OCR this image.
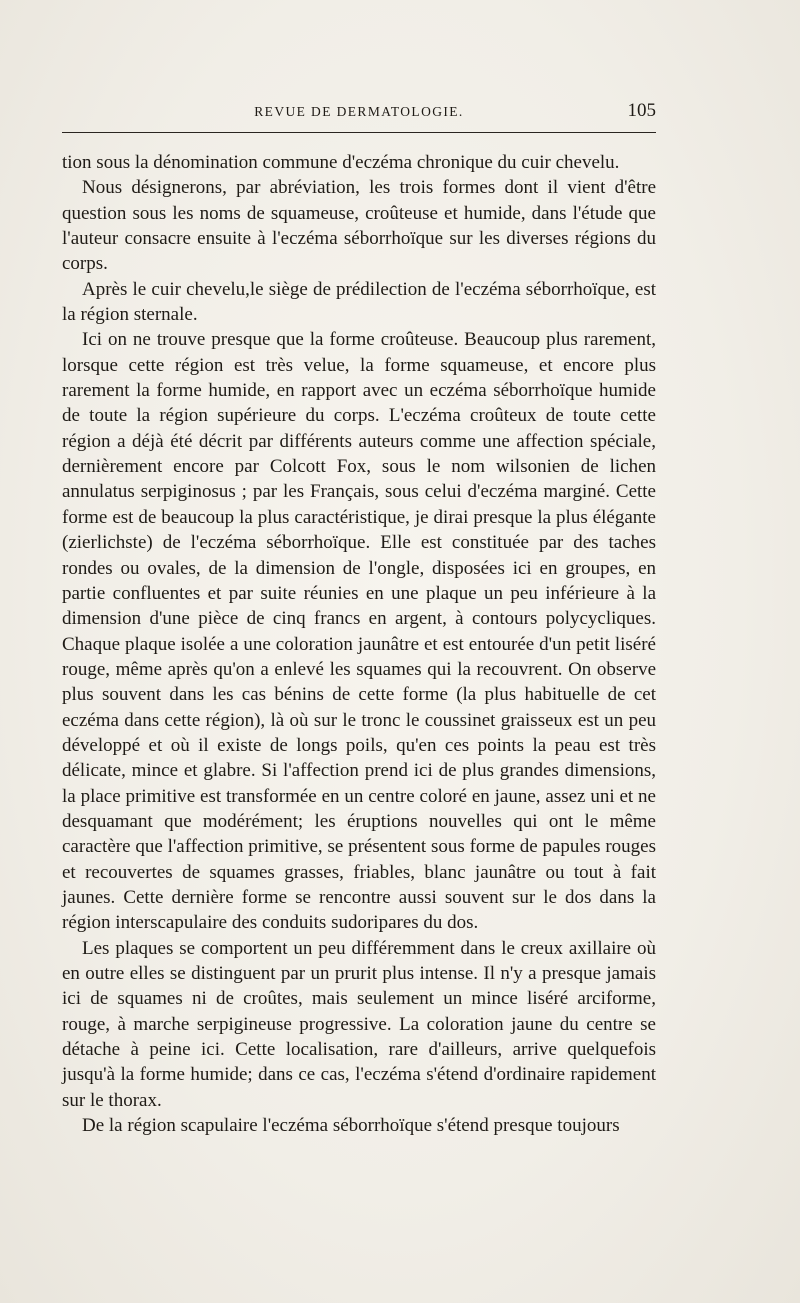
REVUE DE DERMATOLOGIE.	105

tion sous la dénomination commune d'eczéma chronique du cuir chevelu.

Nous désignerons, par abréviation, les trois formes dont il vient d'être question sous les noms de squameuse, croûteuse et humide, dans l'étude que l'auteur consacre ensuite à l'eczéma séborrhoïque sur les diverses régions du corps.

Après le cuir chevelu,le siège de prédilection de l'eczéma séborrhoïque, est la région sternale.

Ici on ne trouve presque que la forme croûteuse. Beaucoup plus rarement, lorsque cette région est très velue, la forme squameuse, et encore plus rarement la forme humide, en rapport avec un eczéma séborrhoïque humide de toute la région supérieure du corps. L'eczéma croûteux de toute cette région a déjà été décrit par différents auteurs comme une affection spéciale, dernièrement encore par Colcott Fox, sous le nom wilsonien de lichen annulatus serpiginosus ; par les Français, sous celui d'eczéma marginé. Cette forme est de beaucoup la plus caractéristique, je dirai presque la plus élégante (zierlichste) de l'eczéma séborrhoïque. Elle est constituée par des taches rondes ou ovales, de la dimension de l'ongle, disposées ici en groupes, en partie confluentes et par suite réunies en une plaque un peu inférieure à la dimension d'une pièce de cinq francs en argent, à contours polycycliques. Chaque plaque isolée a une coloration jaunâtre et est entourée d'un petit liséré rouge, même après qu'on a enlevé les squames qui la recouvrent. On observe plus souvent dans les cas bénins de cette forme (la plus habituelle de cet eczéma dans cette région), là où sur le tronc le coussinet graisseux est un peu développé et où il existe de longs poils, qu'en ces points la peau est très délicate, mince et glabre. Si l'affection prend ici de plus grandes dimensions, la place primitive est transformée en un centre coloré en jaune, assez uni et ne desquamant que modérément; les éruptions nouvelles qui ont le même caractère que l'affection primitive, se présentent sous forme de papules rouges et recouvertes de squames grasses, friables, blanc jaunâtre ou tout à fait jaunes. Cette dernière forme se rencontre aussi souvent sur le dos dans la région interscapulaire des conduits sudoripares du dos.

Les plaques se comportent un peu différemment dans le creux axillaire où en outre elles se distinguent par un prurit plus intense. Il n'y a presque jamais ici de squames ni de croûtes, mais seulement un mince liséré arciforme, rouge, à marche serpigineuse progressive. La coloration jaune du centre se détache à peine ici. Cette localisation, rare d'ailleurs, arrive quelquefois jusqu'à la forme humide; dans ce cas, l'eczéma s'étend d'ordinaire rapidement sur le thorax.

De la région scapulaire l'eczéma séborrhoïque s'étend presque toujours
